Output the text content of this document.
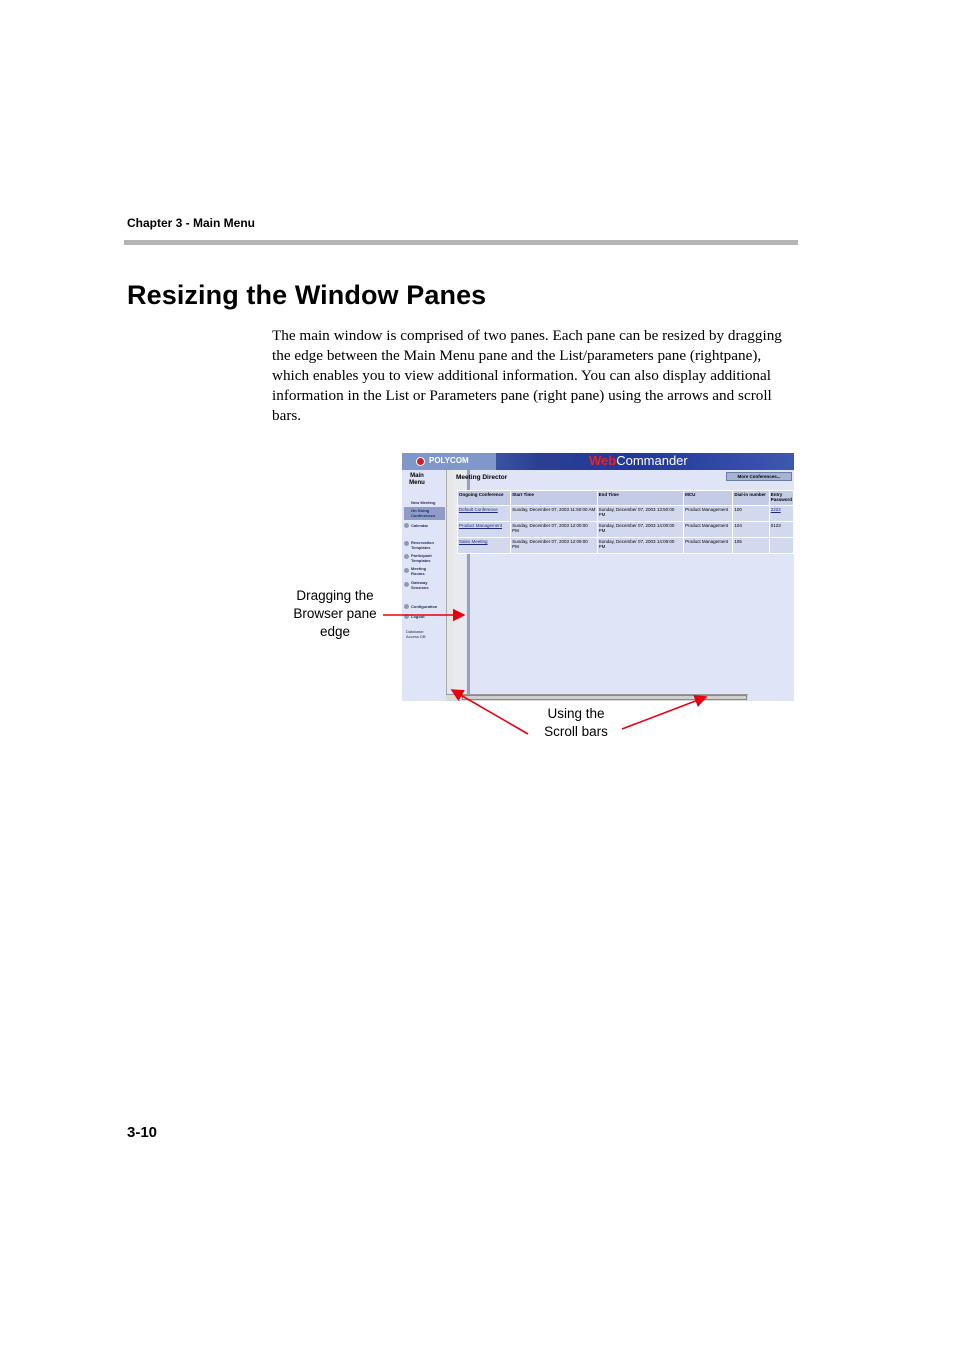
Chapter 3 - Main Menu
Resizing the Window Panes
The main window is comprised of two panes. Each pane can be resized by dragging the edge between the Main Menu pane and the List/parameters pane (rightpane), which enables you to view additional information. You can also display additional information in the List or Parameters pane (right pane) using the arrows and scroll bars.
POLYCOM	WebCommander
Main Menu
New Meeting
On Going Conferences
Calendar
Reservation Templates
Participant Templates
Meeting Rooms
Gateway Sessions
Configuration
Logout
Database: Access DB
Meeting Director	More Conferences...
Ongoing Conference	Start Time	End Time	MCU	Dial-in number	Entry Password
Default Conference	Sunday, December 07, 2003 11:50:00 AM	Sunday, December 07, 2003 13:50:00 PM	Product Management	100	2222
Product Management	Sunday, December 07, 2003 12:00:00 PM	Sunday, December 07, 2003 14:00:00 PM	Product Management	104	0123
Sales Meeting	Sunday, December 07, 2003 12:09:00 PM	Sunday, December 07, 2003 14:09:00 PM	Product Management	105	
Dragging the Browser pane edge
Using the Scroll bars
3-10
